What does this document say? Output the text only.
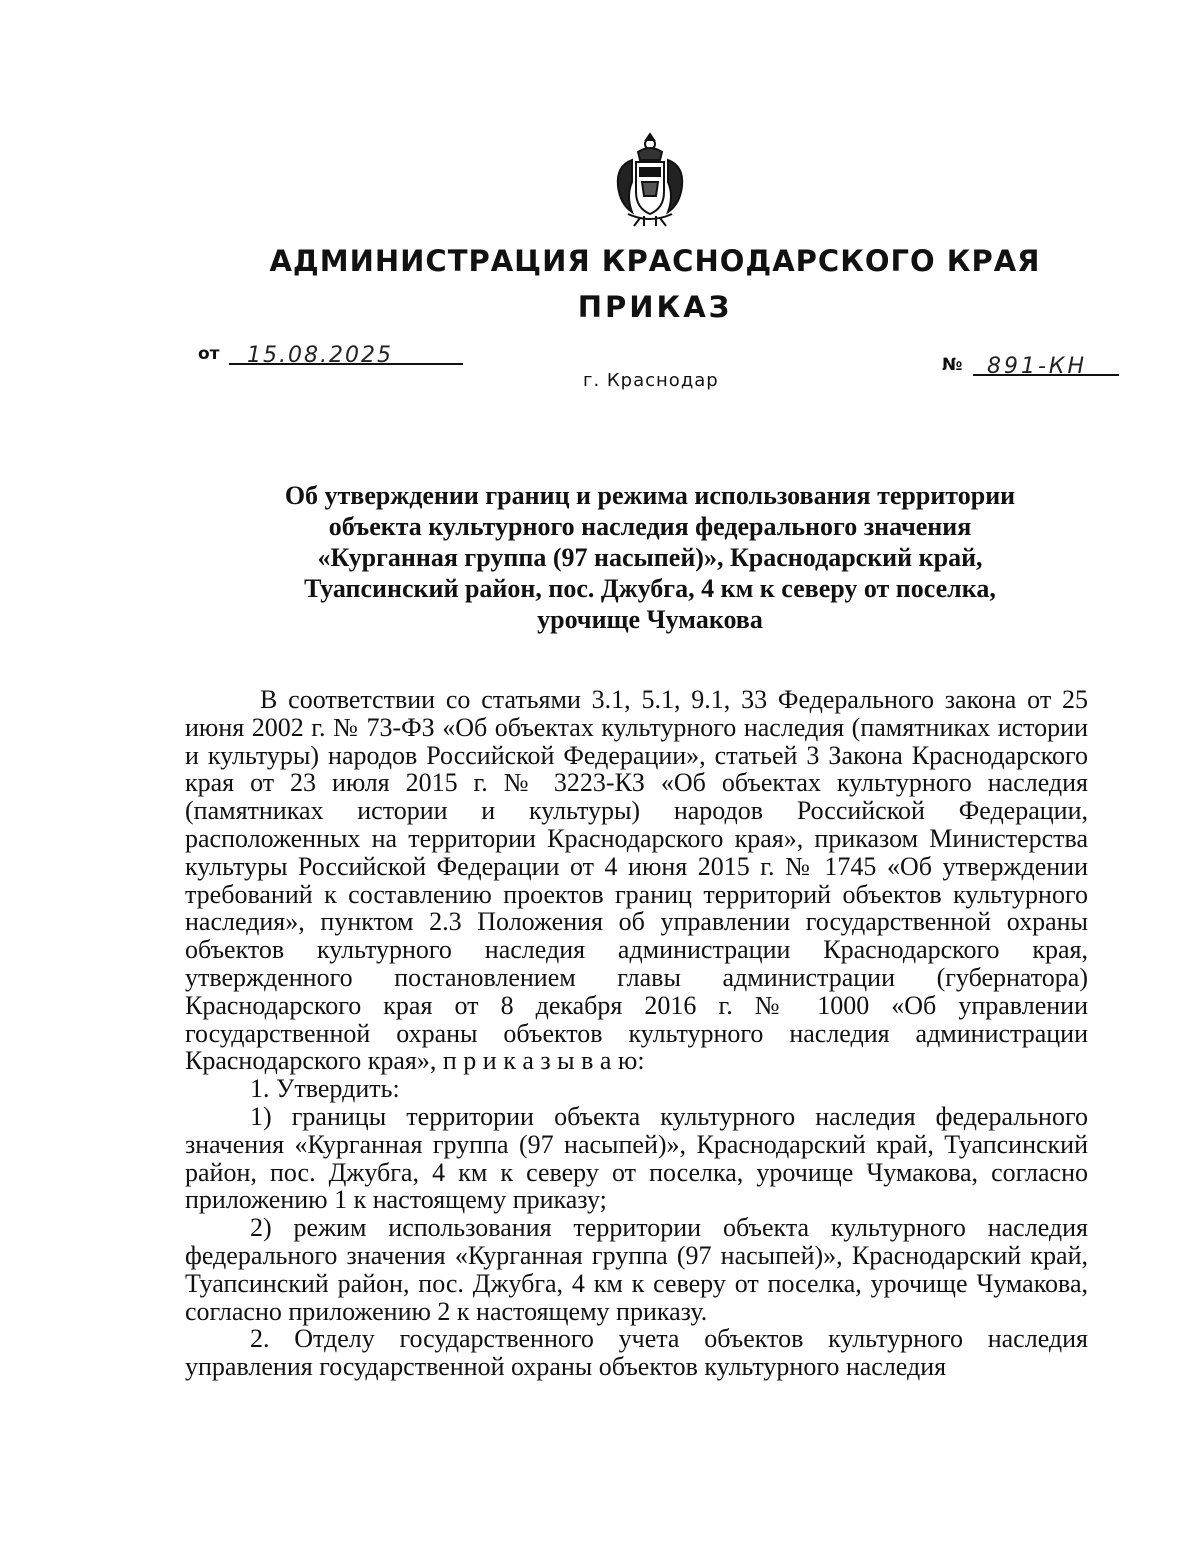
АДМИНИСТРАЦИЯ КРАСНОДАРСКОГО КРАЯ
ПРИКАЗ
от	15.08.2025
г. Краснодар
№	891-КН
Об утверждении границ и режима использования территории
объекта культурного наследия федерального значения
«Курганная группа (97 насыпей)», Краснодарский край,
Туапсинский район, пос. Джубга, 4 км к северу от поселка,
урочище Чумакова

В соответствии со статьями 3.1, 5.1, 9.1, 33 Федерального закона от 25 июня 2002 г. № 73-ФЗ «Об объектах культурного наследия (памятниках истории и культуры) народов Российской Федерации», статьей 3 Закона Краснодарского края от 23 июля 2015 г. № 3223-КЗ «Об объектах культурного наследия (памятниках истории и культуры) народов Российской Федерации, расположенных на территории Краснодарского края», приказом Министерства культуры Российской Федерации от 4 июня 2015 г. № 1745 «Об утверждении требований к составлению проектов границ территорий объектов культурного наследия», пунктом 2.3 Положения об управлении государственной охраны объектов культурного наследия администрации Краснодарского края, утвержденного постановлением главы администрации (губернатора) Краснодарского края от 8 декабря 2016 г. № 1000 «Об управлении государственной охраны объектов культурного наследия администрации Краснодарского края», п р и к а з ы в а ю:

1. Утвердить:

1) границы территории объекта культурного наследия федерального значения «Курганная группа (97 насыпей)», Краснодарский край, Туапсинский район, пос. Джубга, 4 км к северу от поселка, урочище Чумакова, согласно приложению 1 к настоящему приказу;

2) режим использования территории объекта культурного наследия федерального значения «Курганная группа (97 насыпей)», Краснодарский край, Туапсинский район, пос. Джубга, 4 км к северу от поселка, урочище Чумакова, согласно приложению 2 к настоящему приказу.

2. Отделу государственного учета объектов культурного наследия управления государственной охраны объектов культурного наследия
